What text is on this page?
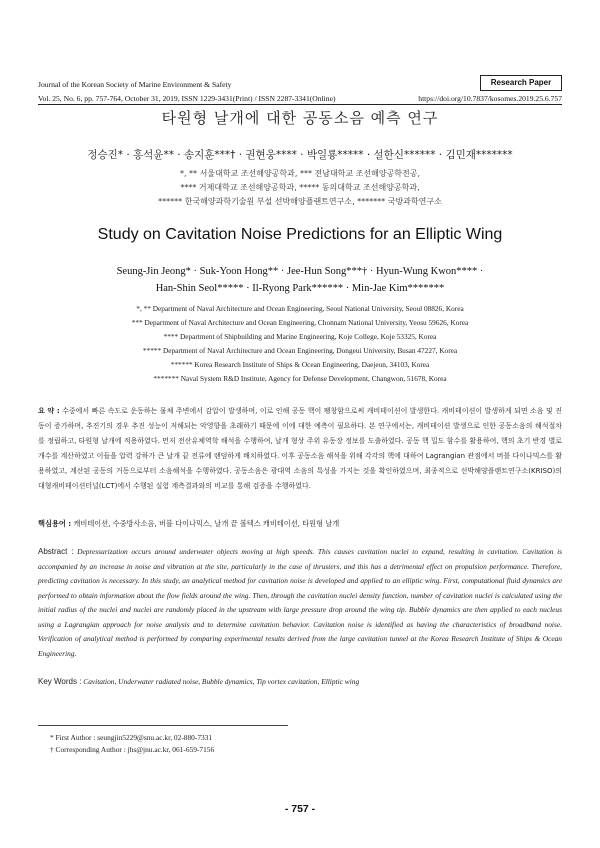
Journal of the Korean Society of Marine Environment & Safety	Research Paper
Vol. 25, No. 6, pp. 757-764, October 31, 2019, ISSN 1229-3431(Print) / ISSN 2287-3341(Online)	https://doi.org/10.7837/kosomes.2019.25.6.757
타원형 날개에 대한 공동소음 예측 연구
정승진* · 홍석윤** · 송지훈***† · 권현웅**** · 박일룡***** · 설한신****** · 김민재*******
*, ** 서울대학교 조선해양공학과, *** 전남대학교 조선해양공학전공,
**** 거제대학교 조선해양공학과, ***** 동의대학교 조선해양공학과,
****** 한국해양과학기술원 부설 선박해양플랜트연구소, ******* 국방과학연구소
Study on Cavitation Noise Predictions for an Elliptic Wing
Seung-Jin Jeong* · Suk-Yoon Hong** · Jee-Hun Song***† · Hyun-Wung Kwon**** ·
Han-Shin Seol***** · Il-Ryong Park****** · Min-Jae Kim*******
*, ** Department of Naval Architecture and Ocean Engineering, Seoul National University, Seoul 08826, Korea
*** Department of Naval Architecture and Ocean Engineering, Chonnam National University, Yeosu 59626, Korea
**** Department of Shipbuilding and Marine Engineering, Koje College, Koje 53325, Korea
***** Department of Naval Architecture and Ocean Engineering, Dongeui University, Busan 47227, Korea
****** Korea Research Institute of Ships & Ocean Engineering, Daejeon, 34103, Korea
******* Naval System R&D Institute, Agency for Defense Development, Changwon, 51678, Korea
요 약 : 수중에서 빠른 속도로 운동하는 물체 주변에서 감압이 발생하며, 이로 인해 공동 핵이 팽창함으로써 캐비테이션이 발생한다. 캐비테이션이 발생하게 되면 소음 및 진동이 증가하며, 추진기의 경우 추진 성능이 저해되는 악영향을 초래하기 때문에 이에 대한 예측이 필요하다. 본 연구에서는, 캐비테이션 발생으로 인한 공동소음의 해석절차를 정립하고, 타원형 날개에 적용하였다. 먼저 전산유체역학 해석을 수행하여, 날개 형상 주위 유동장 정보를 도출하였다. 공동 핵 밀도 함수를 활용하여, 핵의 초기 반경 별로 개수를 계산하였고 이들을 압력 강하가 큰 날개 끝 전류에 랜덤하게 배치하였다. 이후 공동소음 해석을 위해 각각의 핵에 대하여 Lagrangian 관점에서 버블 다이나믹스를 활용하였고, 계산된 공동의 거동으로부터 소음해석을 수행하였다. 공동소음은 광대역 소음의 특성을 가지는 것을 확인하였으며, 최종적으로 선박해양플랜트연구소(KRISO)의 대형캐비테이션터널(LCT)에서 수행된 실험 계측결과와의 비교를 통해 검증을 수행하였다.
핵심용어 : 캐비테이션, 수중방사소음, 버블 다이나믹스, 날개 끝 볼텍스 캐비테이션, 타원형 날개
Abstract : Depressurization occurs around underwater objects moving at high speeds. This causes cavitation nuclei to expand, resulting in cavitation. Cavitation is accompanied by an increase in noise and vibration at the site, particularly in the case of thrusters, and this has a detrimental effect on propulsion performance. Therefore, predicting cavitation is necessary. In this study, an analytical method for cavitation noise is developed and applied to an elliptic wing. First, computational fluid dynamics are performed to obtain information about the flow fields around the wing. Then, through the cavitation nuclei density function, number of cavitation nuclei is calculated using the initial radius of the nuclei and nuclei are randomly placed in the upstream with large pressure drop around the wing tip. Bubble dynamics are then applied to each nucleus using a Lagrangian approach for noise analysis and to determine cavitation behavior. Cavitation noise is identified as having the characteristics of broadband noise. Verification of analytical method is performed by comparing experimental results derived from the large cavitation tunnel at the Korea Research Institute of Ships & Ocean Engineering.
Key Words : Cavitation, Underwater radiated noise, Bubble dynamics, Tip vortex cavitation, Elliptic wing
* First Author : seungjin5229@snu.ac.kr, 02-880-7331
† Corresponding Author : jhs@jnu.ac.kr, 061-659-7156
- 757 -
